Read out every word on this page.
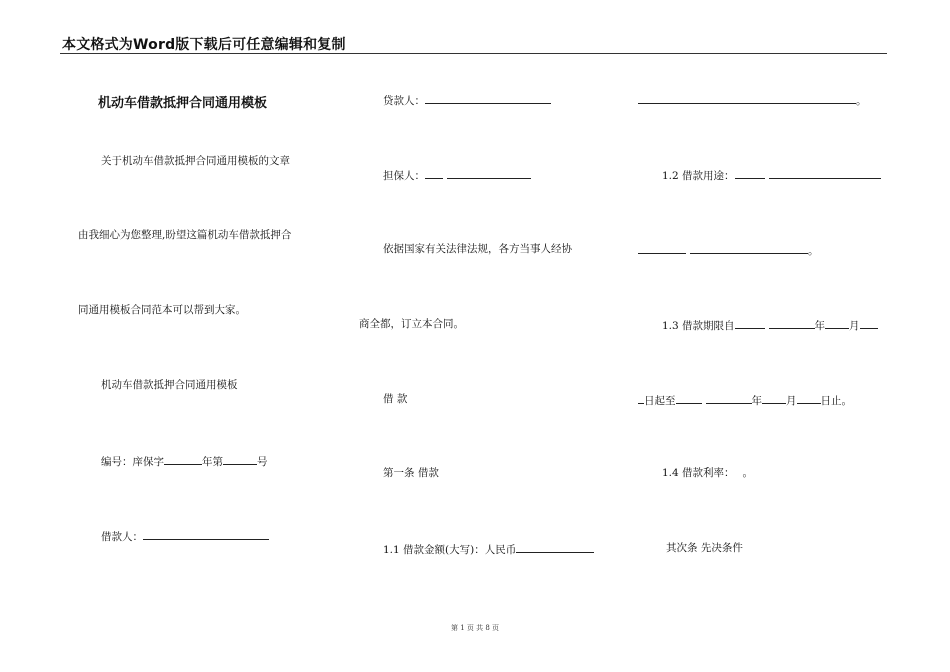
本文格式为Word版下载后可任意编辑和复制
机动车借款抵押合同通用模板
关于机动车借款抵押合同通用模板的文章
由我细心为您整理,盼望这篇机动车借款抵押合
同通用模板合同范本可以帮到大家。
机动车借款抵押合同通用模板
编号：庠保字	年第	号
借款人：
贷款人：
担保人：
依据国家有关法律法规，各方当事人经协
商全都，订立本合同。
借 款
第一条 借款
1.1 借款金额(大写)：人民币
。
1.2 借款用途：
。
1.3 借款期限自	年 月
日起至	年 月 日止。
1.4 借款利率： 。
其次条 先决条件
第 1 页 共 8 页
